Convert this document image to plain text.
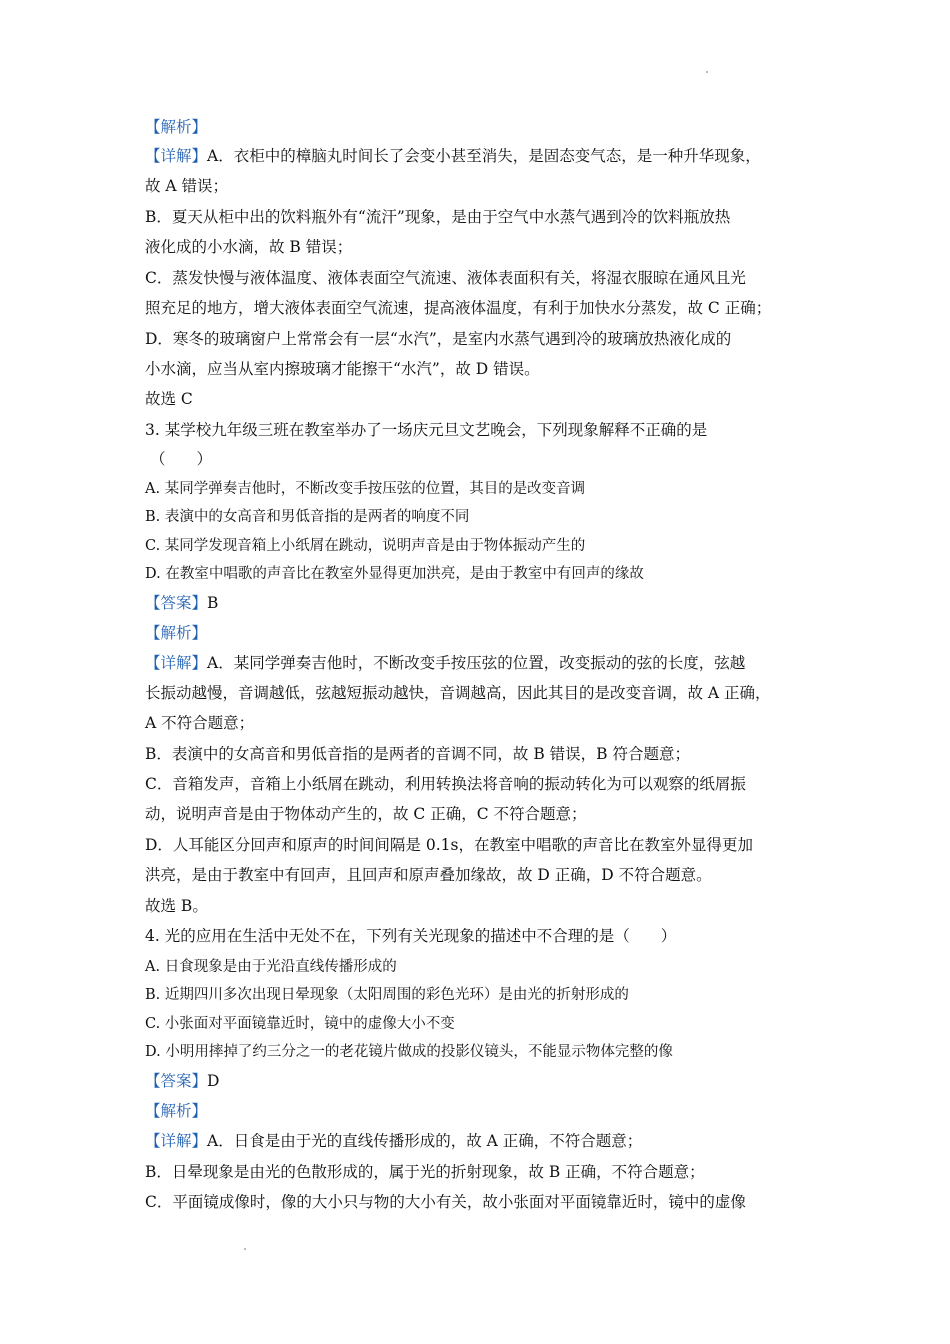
【解析】
【详解】A．衣柜中的樟脑丸时间长了会变小甚至消失，是固态变气态，是一种升华现象，
故 A 错误；
B．夏天从柜中出的饮料瓶外有“流汗”现象，是由于空气中水蒸气遇到冷的饮料瓶放热
液化成的小水滴，故 B 错误；
C．蒸发快慢与液体温度、液体表面空气流速、液体表面积有关，将湿衣服晾在通风且光
照充足的地方，增大液体表面空气流速，提高液体温度，有利于加快水分蒸发，故 C 正确；
D．寒冬的玻璃窗户上常常会有一层“水汽”，是室内水蒸气遇到冷的玻璃放热液化成的
小水滴，应当从室内擦玻璃才能擦干“水汽”，故 D 错误。
故选 C
3. 某学校九年级三班在教室举办了一场庆元旦文艺晚会，下列现象解释不正确的是
（　　）
A. 某同学弹奏吉他时，不断改变手按压弦的位置，其目的是改变音调
B. 表演中的女高音和男低音指的是两者的响度不同
C. 某同学发现音箱上小纸屑在跳动，说明声音是由于物体振动产生的
D. 在教室中唱歌的声音比在教室外显得更加洪亮，是由于教室中有回声的缘故
【答案】B
【解析】
【详解】A．某同学弹奏吉他时，不断改变手按压弦的位置，改变振动的弦的长度，弦越
长振动越慢，音调越低，弦越短振动越快，音调越高，因此其目的是改变音调，故 A 正确，
A 不符合题意；
B．表演中的女高音和男低音指的是两者的音调不同，故 B 错误，B 符合题意；
C．音箱发声，音箱上小纸屑在跳动，利用转换法将音响的振动转化为可以观察的纸屑振
动，说明声音是由于物体动产生的，故 C 正确，C 不符合题意；
D．人耳能区分回声和原声的时间间隔是 0.1s，在教室中唱歌的声音比在教室外显得更加
洪亮，是由于教室中有回声，且回声和原声叠加缘故，故 D 正确，D 不符合题意。
故选 B。
4. 光的应用在生活中无处不在，下列有关光现象的描述中不合理的是（　　）
A. 日食现象是由于光沿直线传播形成的
B. 近期四川多次出现日晕现象（太阳周围的彩色光环）是由光的折射形成的
C. 小张面对平面镜靠近时，镜中的虚像大小不变
D. 小明用摔掉了约三分之一的老花镜片做成的投影仪镜头，不能显示物体完整的像
【答案】D
【解析】
【详解】A．日食是由于光的直线传播形成的，故 A 正确，不符合题意；
B．日晕现象是由光的色散形成的，属于光的折射现象，故 B 正确，不符合题意；
C．平面镜成像时，像的大小只与物的大小有关，故小张面对平面镜靠近时，镜中的虚像
